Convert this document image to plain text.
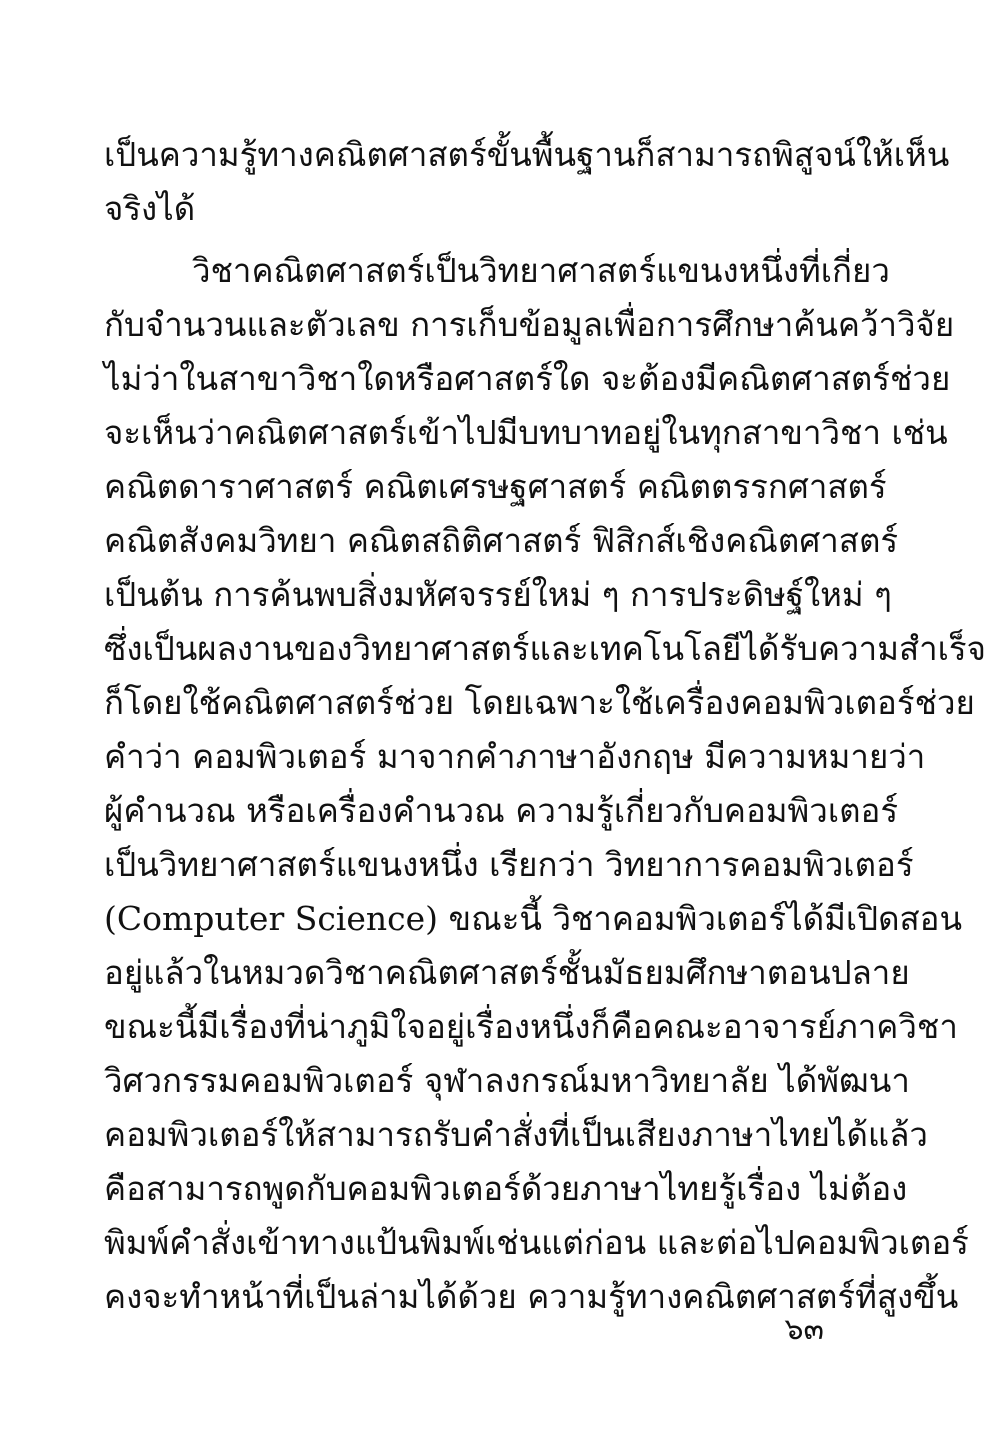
เป็นความรู้ทางคณิตศาสตร์ขั้นพื้นฐานก็สามารถพิสูจน์ให้เห็น
จริงได้
วิชาคณิตศาสตร์เป็นวิทยาศาสตร์แขนงหนึ่งที่เกี่ยว
กับจำนวนและตัวเลข การเก็บข้อมูลเพื่อการศึกษาค้นคว้าวิจัย
ไม่ว่าในสาขาวิชาใดหรือศาสตร์ใด จะต้องมีคณิตศาสตร์ช่วย
จะเห็นว่าคณิตศาสตร์เข้าไปมีบทบาทอยู่ในทุกสาขาวิชา เช่น
คณิตดาราศาสตร์ คณิตเศรษฐศาสตร์ คณิตตรรกศาสตร์
คณิตสังคมวิทยา คณิตสถิติศาสตร์ ฟิสิกส์เชิงคณิตศาสตร์
เป็นต้น การค้นพบสิ่งมหัศจรรย์ใหม่ ๆ การประดิษฐ์ใหม่ ๆ
ซึ่งเป็นผลงานของวิทยาศาสตร์และเทคโนโลยีได้รับความสำเร็จ
ก็โดยใช้คณิตศาสตร์ช่วย โดยเฉพาะใช้เครื่องคอมพิวเตอร์ช่วย
คำว่า คอมพิวเตอร์ มาจากคำภาษาอังกฤษ มีความหมายว่า
ผู้คำนวณ หรือเครื่องคำนวณ ความรู้เกี่ยวกับคอมพิวเตอร์
เป็นวิทยาศาสตร์แขนงหนึ่ง เรียกว่า วิทยาการคอมพิวเตอร์
(Computer Science) ขณะนี้ วิชาคอมพิวเตอร์ได้มีเปิดสอน
อยู่แล้วในหมวดวิชาคณิตศาสตร์ชั้นมัธยมศึกษาตอนปลาย
ขณะนี้มีเรื่องที่น่าภูมิใจอยู่เรื่องหนึ่งก็คือคณะอาจารย์ภาควิชา
วิศวกรรมคอมพิวเตอร์ จุฬาลงกรณ์มหาวิทยาลัย ได้พัฒนา
คอมพิวเตอร์ให้สามารถรับคำสั่งที่เป็นเสียงภาษาไทยได้แล้ว
คือสามารถพูดกับคอมพิวเตอร์ด้วยภาษาไทยรู้เรื่อง ไม่ต้อง
พิมพ์คำสั่งเข้าทางแป้นพิมพ์เช่นแต่ก่อน และต่อไปคอมพิวเตอร์
คงจะทำหน้าที่เป็นล่ามได้ด้วย ความรู้ทางคณิตศาสตร์ที่สูงขึ้น
๖๓
